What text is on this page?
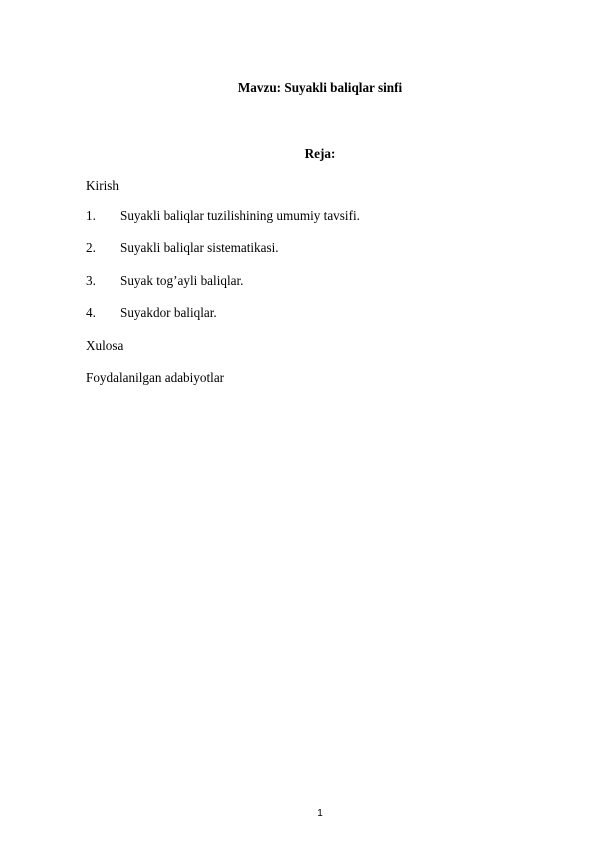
Mavzu: Suyakli baliqlar sinfi
Reja:
Kirish
1. Suyakli baliqlar tuzilishining umumiy tavsifi.
2. Suyakli baliqlar sistematikasi.
3. Suyak tog’ayli baliqlar.
4. Suyakdor baliqlar.
Xulosa
Foydalanilgan adabiyotlar
1
